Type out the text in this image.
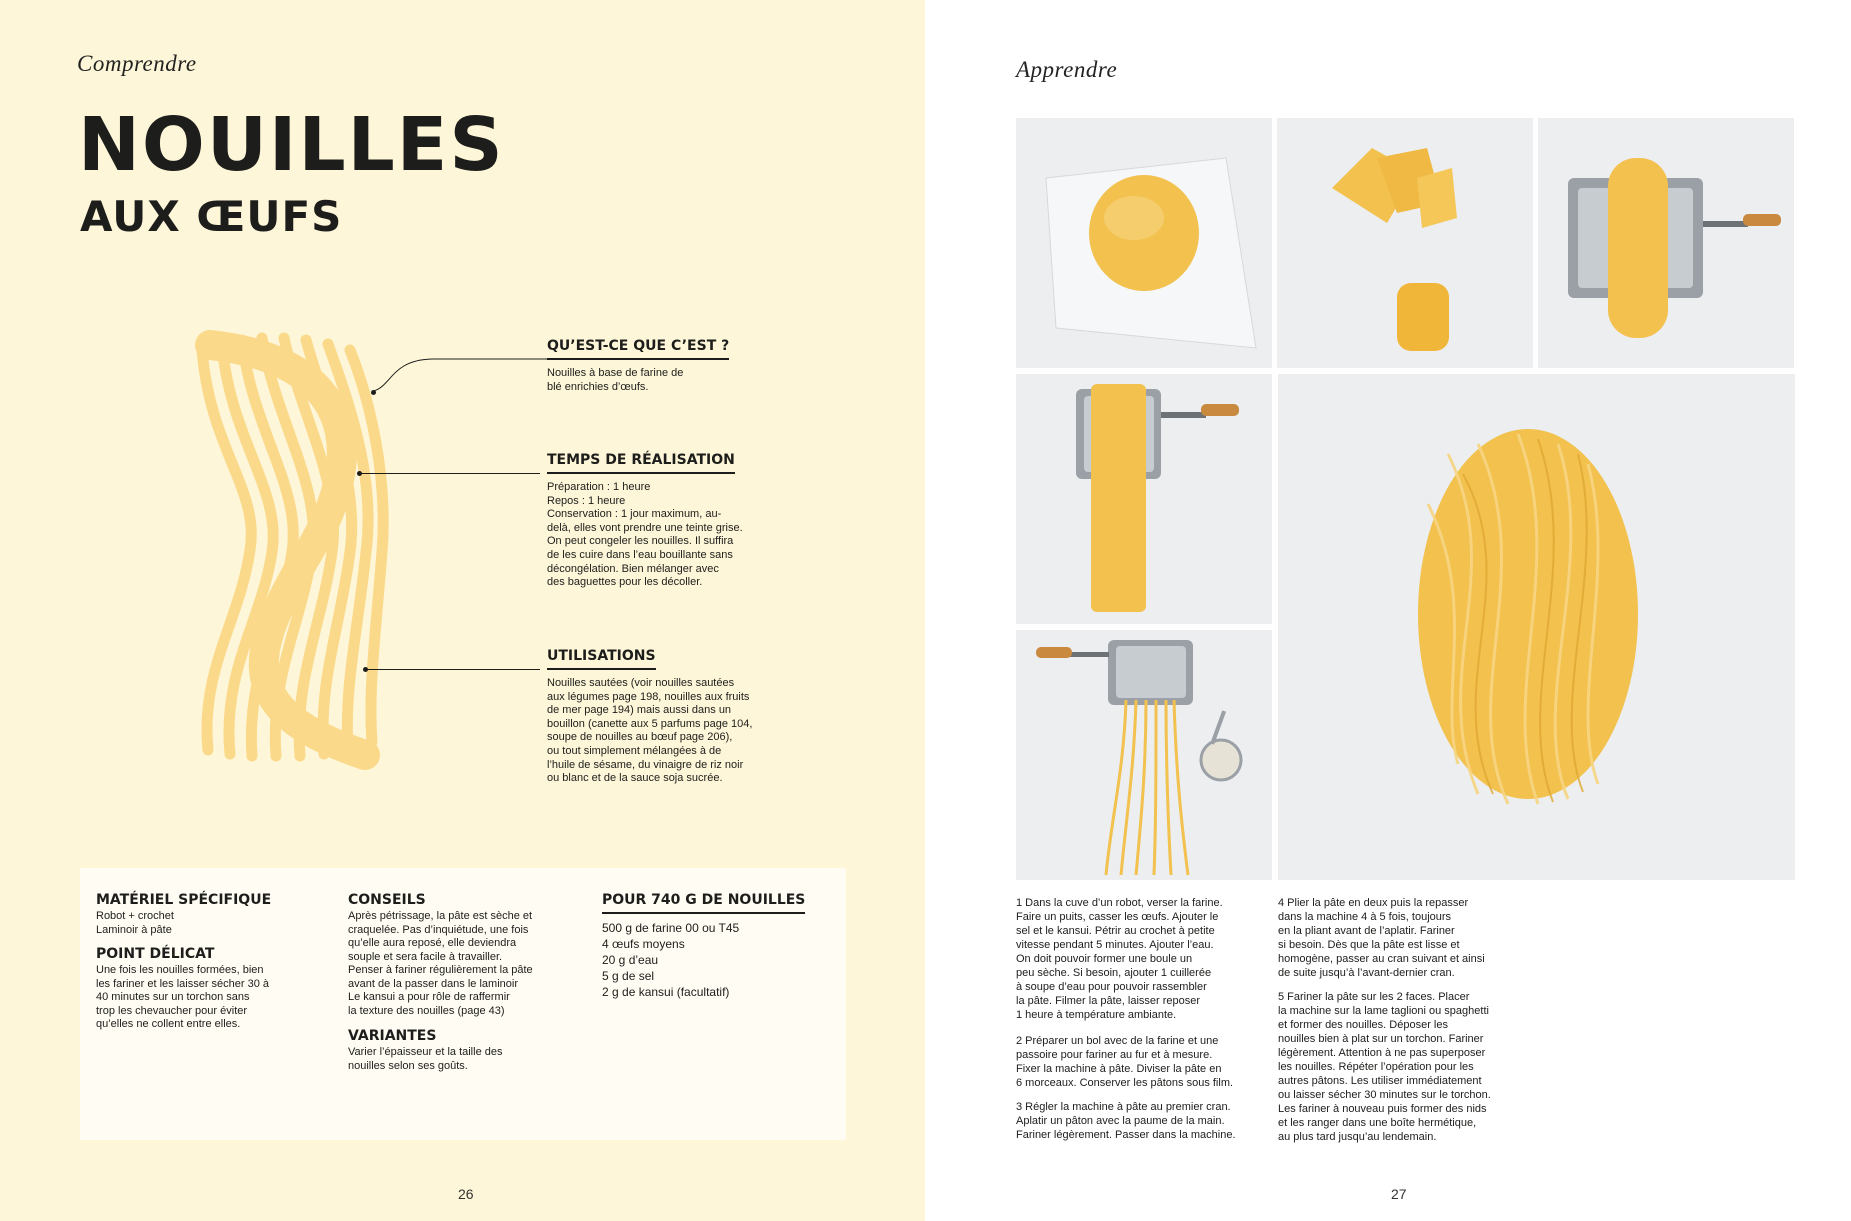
Comprendre
NOUILLES
AUX ŒUFS
QU’EST-CE QUE C’EST ?
Nouilles à base de farine de
blé enrichies d’œufs.
TEMPS DE RÉALISATION
Préparation : 1 heure
Repos : 1 heure
Conservation : 1 jour maximum, au-
delà, elles vont prendre une teinte grise.
On peut congeler les nouilles. Il suffira
de les cuire dans l’eau bouillante sans
décongélation. Bien mélanger avec
des baguettes pour les décoller.
UTILISATIONS
Nouilles sautées (voir nouilles sautées
aux légumes page 198, nouilles aux fruits
de mer page 194) mais aussi dans un
bouillon (canette aux 5 parfums page 104,
soupe de nouilles au bœuf page 206),
ou tout simplement mélangées à de
l’huile de sésame, du vinaigre de riz noir
ou blanc et de la sauce soja sucrée.
MATÉRIEL SPÉCIFIQUE
Robot + crochet
Laminoir à pâte
POINT DÉLICAT
Une fois les nouilles formées, bien
les fariner et les laisser sécher 30 à
40 minutes sur un torchon sans
trop les chevaucher pour éviter
qu’elles ne collent entre elles.
CONSEILS
Après pétrissage, la pâte est sèche et
craquelée. Pas d’inquiétude, une fois
qu’elle aura reposé, elle deviendra
souple et sera facile à travailler.
Penser à fariner régulièrement la pâte
avant de la passer dans le laminoir
Le kansui a pour rôle de raffermir
la texture des nouilles (page 43)
VARIANTES
Varier l’épaisseur et la taille des
nouilles selon ses goûts.
POUR 740 G DE NOUILLES
500 g de farine 00 ou T45
4 œufs moyens
20 g d’eau
5 g de sel
2 g de kansui (facultatif)
26
Apprendre
1 Dans la cuve d’un robot, verser la farine.
Faire un puits, casser les œufs. Ajouter le
sel et le kansui. Pétrir au crochet à petite
vitesse pendant 5 minutes. Ajouter l’eau.
On doit pouvoir former une boule un
peu sèche. Si besoin, ajouter 1 cuillerée
à soupe d’eau pour pouvoir rassembler
la pâte. Filmer la pâte, laisser reposer
1 heure à température ambiante.
2 Préparer un bol avec de la farine et une
passoire pour fariner au fur et à mesure.
Fixer la machine à pâte. Diviser la pâte en
6 morceaux. Conserver les pâtons sous film.
3 Régler la machine à pâte au premier cran.
Aplatir un pâton avec la paume de la main.
Fariner légèrement. Passer dans la machine.
4 Plier la pâte en deux puis la repasser
dans la machine 4 à 5 fois, toujours
en la pliant avant de l’aplatir. Fariner
si besoin. Dès que la pâte est lisse et
homogène, passer au cran suivant et ainsi
de suite jusqu’à l’avant-dernier cran.
5 Fariner la pâte sur les 2 faces. Placer
la machine sur la lame taglioni ou spaghetti
et former des nouilles. Déposer les
nouilles bien à plat sur un torchon. Fariner
légèrement. Attention à ne pas superposer
les nouilles. Répéter l’opération pour les
autres pâtons. Les utiliser immédiatement
ou laisser sécher 30 minutes sur le torchon.
Les fariner à nouveau puis former des nids
et les ranger dans une boîte hermétique,
au plus tard jusqu’au lendemain.
27
